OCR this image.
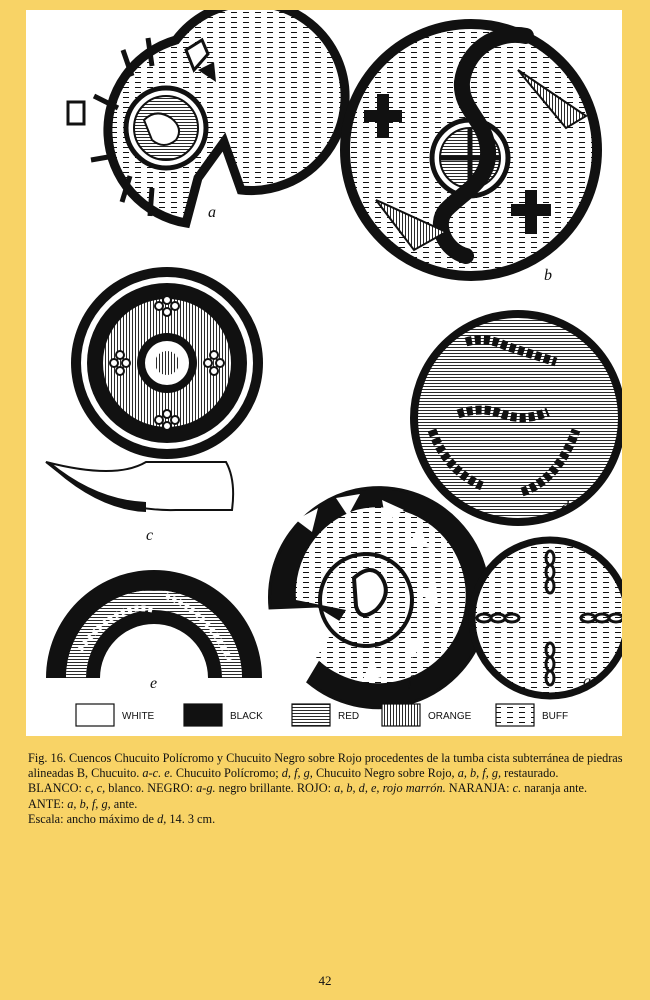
a
b
c
d
f	g
e
WHITE	BLACK	RED	ORANGE	BUFF

Fig. 16. Cuencos Chucuito Polícromo y Chucuito Negro sobre Rojo procedentes de la tumba cista subterránea de piedras alineadas B, Chucuito. a-c. e. Chucuito Polícromo; d, f, g, Chucuito Negro sobre Rojo, a, b, f, g, restaurado.

BLANCO: c, c, blanco. NEGRO: a-g. negro brillante. ROJO: a, b, d, e, rojo marrón. NARANJA: c. naranja ante. ANTE: a, b, f, g, ante.

Escala: ancho máximo de d, 14. 3 cm.

42
